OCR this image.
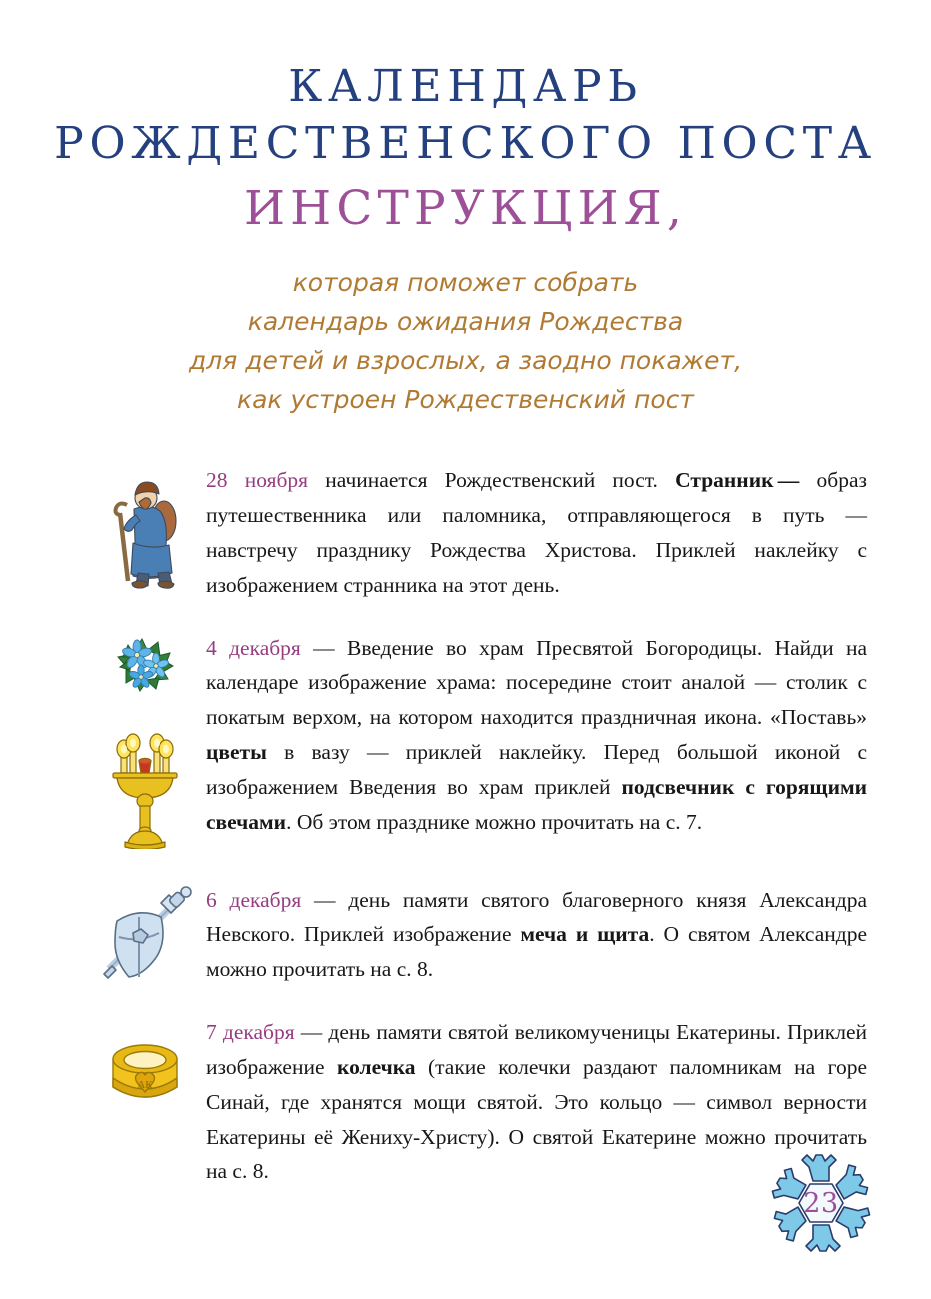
КАЛЕНДАРЬ
РОЖДЕСТВЕНСКОГО ПОСТА
ИНСТРУКЦИЯ,
которая поможет собрать
календарь ожидания Рождества
для детей и взрослых, а заодно покажет,
как устроен Рождественский пост
28 ноября начинается Рождественский пост. Странник — образ путешественника или паломника, отправляющегося в путь — навстречу празднику Рождества Христова. Приклей наклейку с изображением странника на этот день.
4 декабря — Введение во храм Пресвятой Богородицы. Найди на календаре изображение храма: посередине стоит аналой — столик с покатым верхом, на котором находится праздничная икона. «Поставь» цветы в вазу — приклей наклейку. Перед большой иконой с изображением Введения во храм приклей подсвечник с горящими свечами. Об этом празднике можно прочитать на с. 7.
6 декабря — день памяти святого благоверного князя Александра Невского. Приклей изображение меча и щита. О святом Александре можно прочитать на с. 8.
АК
7 декабря — день памяти святой великомученицы Екатерины. Приклей изображение колечка (такие колечки раздают паломникам на горе Синай, где хранятся мощи святой. Это кольцо — символ верности Екатерины её Жениху-Христу). О святой Екатерине можно прочитать на с. 8.
23
